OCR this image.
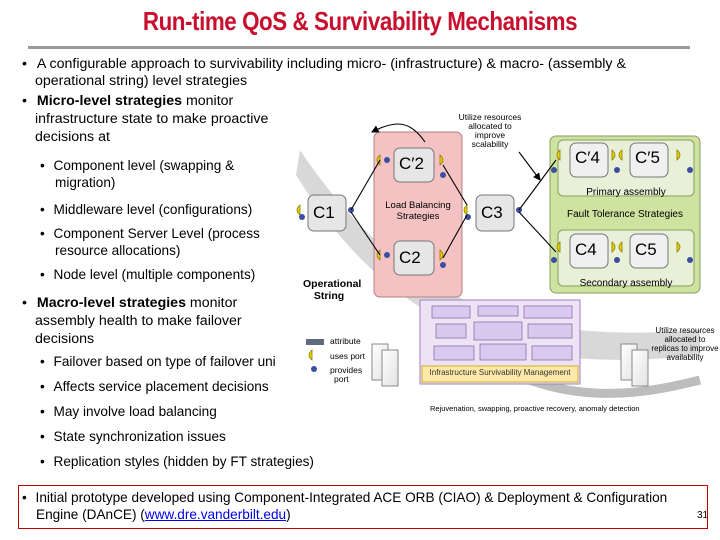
Run-time QoS & Survivability Mechanisms
Utilize resources
allocated to
improve
scalability
C′2
C1
C2
C3
C′4 C′5
C4 C5
Load Balancing
Strategies
Primary assembly
Fault Tolerance Strategies
Secondary assembly
Operational
String
attribute
uses port
provides
port
Utilize resources
allocated to
replicas to improve
availability
Infrastructure Survivability Management
Rejuvenation, swapping, proactive recovery, anomaly detection
• A configurable approach to survivability including micro- (infrastructure) & macro- (assembly &
operational string) level strategies
• Micro-level strategies monitor
infrastructure state to make proactive
decisions at
• Component level (swapping &
migration)
• Middleware level (configurations)
• Component Server Level (process
resource allocations)
• Node level (multiple components)
• Macro-level strategies monitor
assembly health to make failover
decisions
• Failover based on type of failover uni
• Affects service placement decisions
• May involve load balancing
• State synchronization issues
• Replication styles (hidden by FT strategies)
• Initial prototype developed using Component-Integrated ACE ORB (CIAO) & Deployment & Configuration
Engine (DAnCE) (www.dre.vanderbilt.edu)	31
